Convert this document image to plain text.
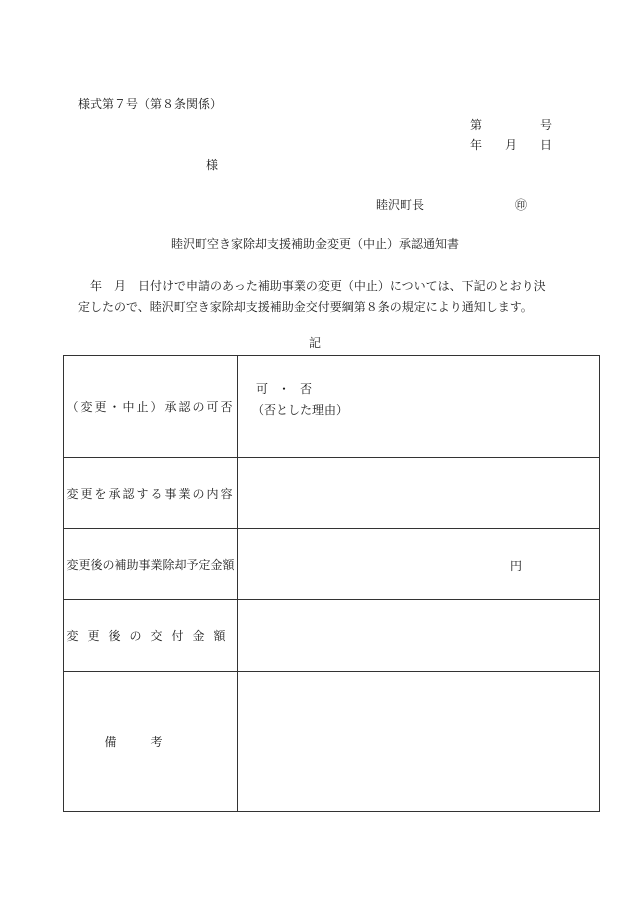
様式第７号（第８条関係）
第	号
年 月 日
様
睦沢町長	㊞
睦沢町空き家除却支援補助金変更（中止）承認通知書
年　月　日付けで申請のあった補助事業の変更（中止）については、下記のとおり決定したので、睦沢町空き家除却支援補助金交付要綱第８条の規定により通知します。
記
（変更・中止）承認の可否	可・否
（否とした理由）

変更を承認する事業の内容	
変更後の補助事業除却予定金額	円

変更後の交付金額	
備考	
